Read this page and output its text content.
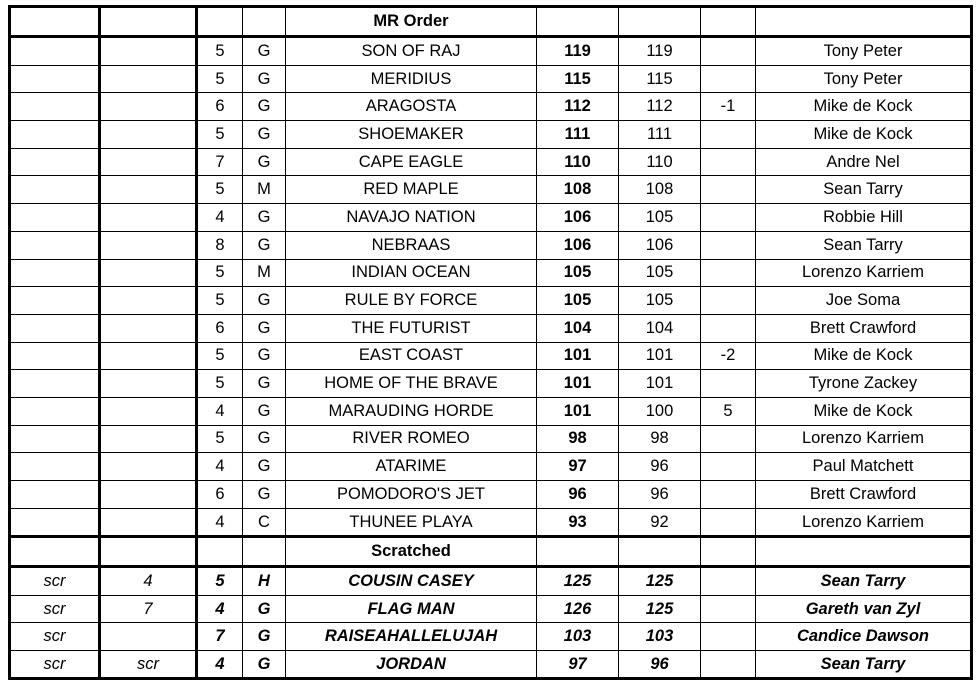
				MR Order				
		5	G	SON OF RAJ	119	119		Tony Peter
		5	G	MERIDIUS	115	115		Tony Peter
		6	G	ARAGOSTA	112	112	-1	Mike de Kock
		5	G	SHOEMAKER	111	111		Mike de Kock
		7	G	CAPE EAGLE	110	110		Andre Nel
		5	M	RED MAPLE	108	108		Sean Tarry
		4	G	NAVAJO NATION	106	105		Robbie Hill
		8	G	NEBRAAS	106	106		Sean Tarry
		5	M	INDIAN OCEAN	105	105		Lorenzo Karriem
		5	G	RULE BY FORCE	105	105		Joe Soma
		6	G	THE FUTURIST	104	104		Brett Crawford
		5	G	EAST COAST	101	101	-2	Mike de Kock
		5	G	HOME OF THE BRAVE	101	101		Tyrone Zackey
		4	G	MARAUDING HORDE	101	100	5	Mike de Kock
		5	G	RIVER ROMEO	98	98		Lorenzo Karriem
		4	G	ATARIME	97	96		Paul Matchett
		6	G	POMODORO'S JET	96	96		Brett Crawford
		4	C	THUNEE PLAYA	93	92		Lorenzo Karriem
				Scratched				
scr	4	5	H	COUSIN CASEY	125	125		Sean Tarry
scr	7	4	G	FLAG MAN	126	125		Gareth van Zyl
scr		7	G	RAISEAHALLELUJAH	103	103		Candice Dawson
scr	scr	4	G	JORDAN	97	96		Sean Tarry
